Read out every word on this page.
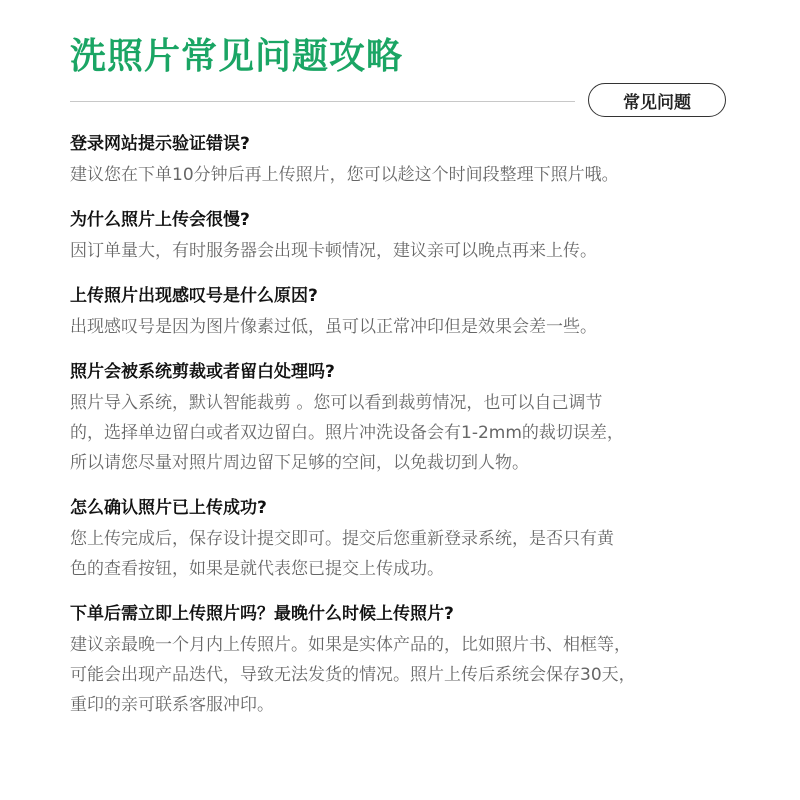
洗照片常见问题攻略
常见问题

登录网站提示验证错误?

建议您在下单10分钟后再上传照片，您可以趁这个时间段整理下照片哦。

为什么照片上传会很慢?

因订单量大，有时服务器会出现卡顿情况，建议亲可以晚点再来上传。

上传照片出现感叹号是什么原因?

出现感叹号是因为图片像素过低，虽可以正常冲印但是效果会差一些。

照片会被系统剪裁或者留白处理吗?

照片导入系统，默认智能裁剪 。您可以看到裁剪情况，也可以自己调节
的，选择单边留白或者双边留白。照片冲洗设备会有1-2mm的裁切误差，
所以请您尽量对照片周边留下足够的空间，以免裁切到人物。

怎么确认照片已上传成功?

您上传完成后，保存设计提交即可。提交后您重新登录系统，是否只有黄
色的查看按钮，如果是就代表您已提交上传成功。

下单后需立即上传照片吗？最晚什么时候上传照片?

建议亲最晚一个月内上传照片。如果是实体产品的，比如照片书、相框等，
可能会出现产品迭代，导致无法发货的情况。照片上传后系统会保存30天，
重印的亲可联系客服冲印。
